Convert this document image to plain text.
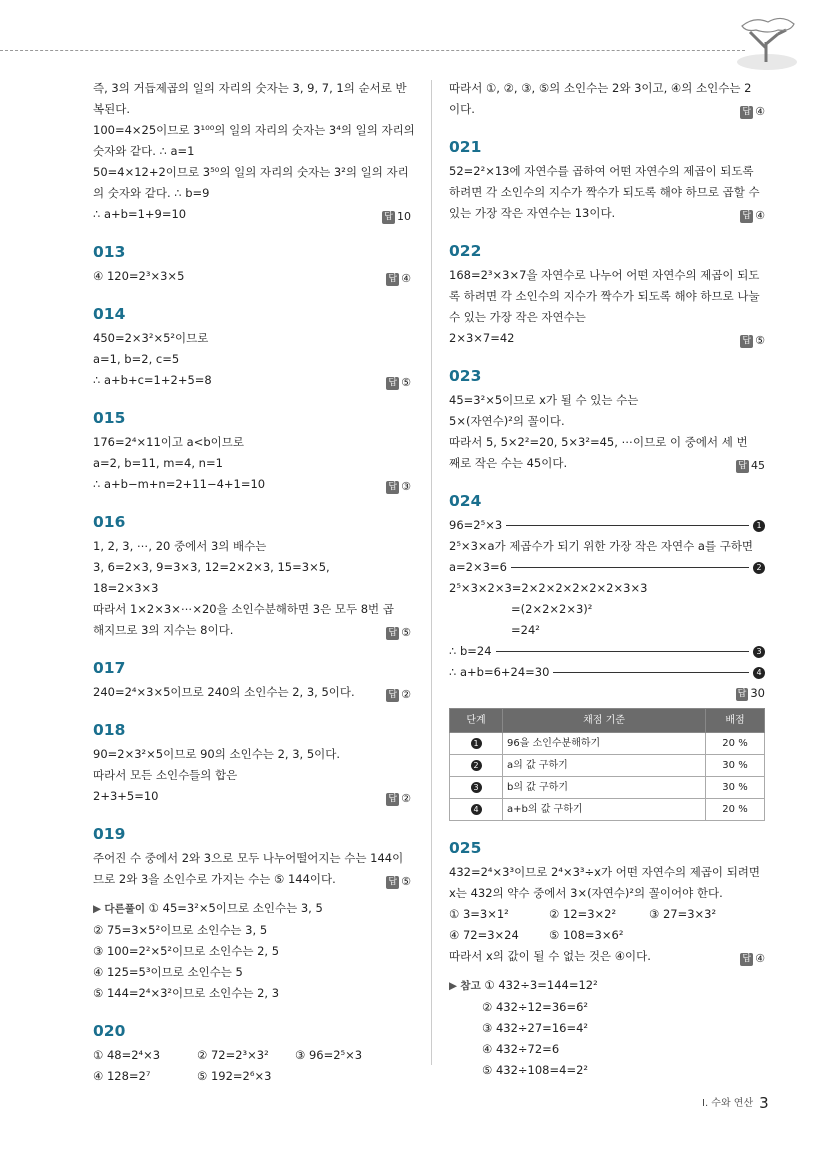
즉, 3의 거듭제곱의 일의 자리의 숫자는 3, 9, 7, 1의 순서로 반
복된다.
100=4×25이므로 3¹⁰⁰의 일의 자리의 숫자는 3⁴의 일의 자리의
숫자와 같다. ∴ a=1
50=4×12+2이므로 3⁵⁰의 일의 자리의 숫자는 3²의 일의 자리
의 숫자와 같다. ∴ b=9
∴ a+b=1+9=10	답 10
013
④ 120=2³×3×5	답 ④
014
450=2×3²×5²이므로
a=1, b=2, c=5
∴ a+b+c=1+2+5=8	답 ⑤
015
176=2⁴×11이고 a<b이므로
a=2, b=11, m=4, n=1
∴ a+b−m+n=2+11−4+1=10	답 ③
016
1, 2, 3, ⋯, 20 중에서 3의 배수는
3, 6=2×3, 9=3×3, 12=2×2×3, 15=3×5,
18=2×3×3
따라서 1×2×3×⋯×20을 소인수분해하면 3은 모두 8번 곱
해지므로 3의 지수는 8이다.	답 ⑤
017
240=2⁴×3×5이므로 240의 소인수는 2, 3, 5이다.	답 ②
018
90=2×3²×5이므로 90의 소인수는 2, 3, 5이다.
따라서 모든 소인수들의 합은
2+3+5=10	답 ②
019
주어진 수 중에서 2와 3으로 모두 나누어떨어지는 수는 144이
므로 2와 3을 소인수로 가지는 수는 ⑤ 144이다.	답 ⑤
▶ 다른풀이 ① 45=3²×5이므로 소인수는 3, 5
② 75=3×5²이므로 소인수는 3, 5
③ 100=2²×5²이므로 소인수는 2, 5
④ 125=5³이므로 소인수는 5
⑤ 144=2⁴×3²이므로 소인수는 2, 3
020
① 48=2⁴×3	② 72=2³×3² ③ 96=2⁵×3
④ 128=2⁷	⑤ 192=2⁶×3
따라서 ①, ②, ③, ⑤의 소인수는 2와 3이고, ④의 소인수는 2
이다.	답 ④
021
52=2²×13에 자연수를 곱하여 어떤 자연수의 제곱이 되도록
하려면 각 소인수의 지수가 짝수가 되도록 해야 하므로 곱할 수
있는 가장 작은 자연수는 13이다.	답 ④
022
168=2³×3×7을 자연수로 나누어 어떤 자연수의 제곱이 되도
록 하려면 각 소인수의 지수가 짝수가 되도록 해야 하므로 나눌
수 있는 가장 작은 자연수는
2×3×7=42	답 ⑤
023
45=3²×5이므로 x가 될 수 있는 수는
5×(자연수)²의 꼴이다.
따라서 5, 5×2²=20, 5×3²=45, ⋯이므로 이 중에서 세 번
째로 작은 수는 45이다.	답 45
024
96=2⁵×3	1
2⁵×3×a가 제곱수가 되기 위한 가장 작은 자연수 a를 구하면
a=2×3=6	2
2⁵×3×2×3=2×2×2×2×2×2×3×3
=(2×2×2×3)²
=24²
∴ b=24	3
∴ a+b=6+24=30	4
답 30
단계	채점 기준	배점
1	96을 소인수분해하기	20 %
2	a의 값 구하기	30 %
3	b의 값 구하기	30 %
4	a+b의 값 구하기	20 %
025
432=2⁴×3³이므로 2⁴×3³÷x가 어떤 자연수의 제곱이 되려면
x는 432의 약수 중에서 3×(자연수)²의 꼴이어야 한다.
① 3=3×1²	② 12=3×2²	③ 27=3×3²
④ 72=3×24	⑤ 108=3×6²
따라서 x의 값이 될 수 없는 것은 ④이다.	답 ④
▶ 참고 ① 432÷3=144=12²
② 432÷12=36=6²
③ 432÷27=16=4²
④ 432÷72=6
⑤ 432÷108=4=2²
Ⅰ. 수와 연산 3
